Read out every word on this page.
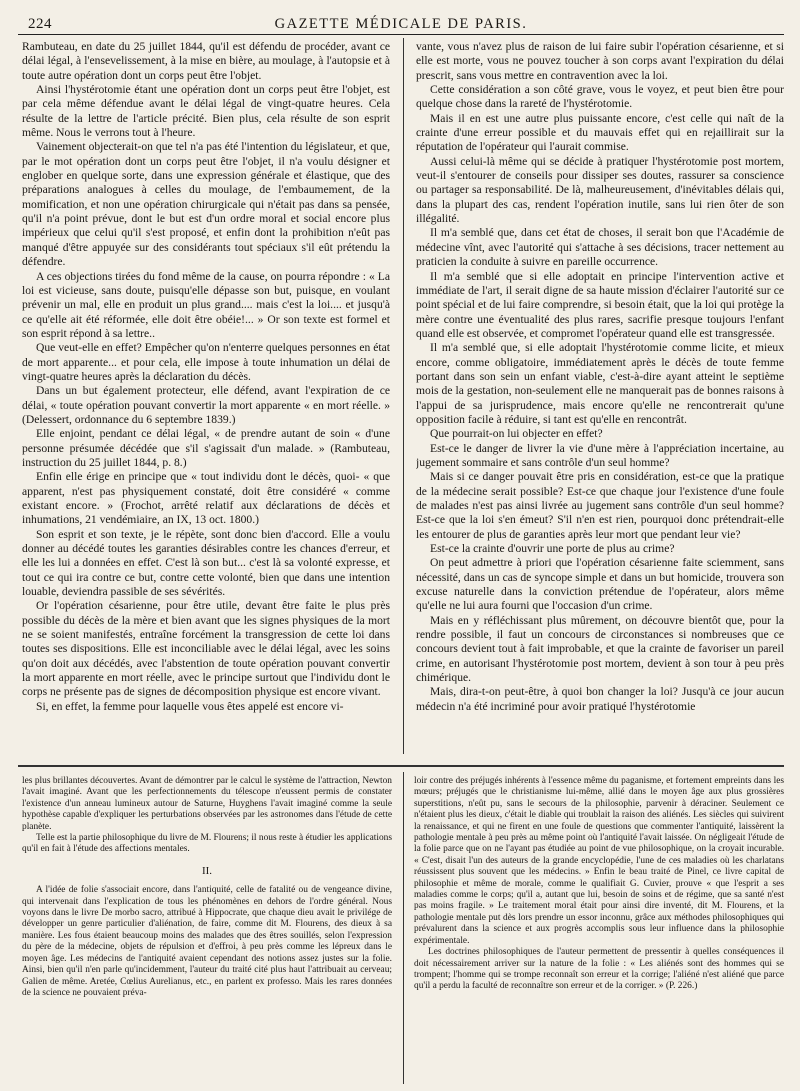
224	GAZETTE MÉDICALE DE PARIS.

Rambuteau, en date du 25 juillet 1844, qu'il est défendu de procéder, avant ce délai légal, à l'ensevelissement, à la mise en bière, au moulage, à l'autopsie et à toute autre opération dont un corps peut être l'objet.

Ainsi l'hystérotomie étant une opération dont un corps peut être l'objet, est par cela même défendue avant le délai légal de vingt-quatre heures. Cela résulte de la lettre de l'article précité. Bien plus, cela résulte de son esprit même. Nous le verrons tout à l'heure.

Vainement objecterait-on que tel n'a pas été l'intention du législateur, et que, par le mot opération dont un corps peut être l'objet, il n'a voulu désigner et englober en quelque sorte, dans une expression générale et élastique, que des préparations analogues à celles du moulage, de l'embaumement, de la momification, et non une opération chirurgicale qui n'était pas dans sa pensée, qu'il n'a point prévue, dont le but est d'un ordre moral et social encore plus impérieux que celui qu'il s'est proposé, et enfin dont la prohibition n'eût pas manqué d'être appuyée sur des considérants tout spéciaux s'il eût prétendu la défendre.

A ces objections tirées du fond même de la cause, on pourra répondre : « La loi est vicieuse, sans doute, puisqu'elle dépasse son but, puisque, en voulant prévenir un mal, elle en produit un plus grand.... mais c'est la loi.... et jusqu'à ce qu'elle ait été réformée, elle doit être obéie!... » Or son texte est formel et son esprit répond à sa lettre..

Que veut-elle en effet? Empêcher qu'on n'enterre quelques personnes en état de mort apparente... et pour cela, elle impose à toute inhumation un délai de vingt-quatre heures après la déclaration du décès.

Dans un but également protecteur, elle défend, avant l'expiration de ce délai, « toute opération pouvant convertir la mort apparente « en mort réelle. » (Delessert, ordonnance du 6 septembre 1839.)

Elle enjoint, pendant ce délai légal, « de prendre autant de soin « d'une personne présumée décédée que s'il s'agissait d'un malade. » (Rambuteau, instruction du 25 juillet 1844, p. 8.)

Enfin elle érige en principe que « tout individu dont le décès, quoi- « que apparent, n'est pas physiquement constaté, doit être considéré « comme existant encore. » (Frochot, arrêté relatif aux déclarations de décès et inhumations, 21 vendémiaire, an IX, 13 oct. 1800.)

Son esprit et son texte, je le répète, sont donc bien d'accord. Elle a voulu donner au décédé toutes les garanties désirables contre les chances d'erreur, et elle les lui a données en effet. C'est là son but... c'est là sa volonté expresse, et tout ce qui ira contre ce but, contre cette volonté, bien que dans une intention louable, deviendra passible de ses sévérités.

Or l'opération césarienne, pour être utile, devant être faite le plus près possible du décès de la mère et bien avant que les signes physiques de la mort ne se soient manifestés, entraîne forcément la transgression de cette loi dans toutes ses dispositions. Elle est inconciliable avec le délai légal, avec les soins qu'on doit aux décédés, avec l'abstention de toute opération pouvant convertir la mort apparente en mort réelle, avec le principe surtout que l'individu dont le corps ne présente pas de signes de décomposition physique est encore vivant.

Si, en effet, la femme pour laquelle vous êtes appelé est encore vi-

vante, vous n'avez plus de raison de lui faire subir l'opération césarienne, et si elle est morte, vous ne pouvez toucher à son corps avant l'expiration du délai prescrit, sans vous mettre en contravention avec la loi.

Cette considération a son côté grave, vous le voyez, et peut bien être pour quelque chose dans la rareté de l'hystérotomie.

Mais il en est une autre plus puissante encore, c'est celle qui naît de la crainte d'une erreur possible et du mauvais effet qui en rejaillirait sur la réputation de l'opérateur qui l'aurait commise.

Aussi celui-là même qui se décide à pratiquer l'hystérotomie post mortem, veut-il s'entourer de conseils pour dissiper ses doutes, rassurer sa conscience ou partager sa responsabilité. De là, malheureusement, d'inévitables délais qui, dans la plupart des cas, rendent l'opération inutile, sans lui rien ôter de son illégalité.

Il m'a semblé que, dans cet état de choses, il serait bon que l'Académie de médecine vînt, avec l'autorité qui s'attache à ses décisions, tracer nettement au praticien la conduite à suivre en pareille occurrence.

Il m'a semblé que si elle adoptait en principe l'intervention active et immédiate de l'art, il serait digne de sa haute mission d'éclairer l'autorité sur ce point spécial et de lui faire comprendre, si besoin était, que la loi qui protège la mère contre une éventualité des plus rares, sacrifie presque toujours l'enfant quand elle est observée, et compromet l'opérateur quand elle est transgressée.

Il m'a semblé que, si elle adoptait l'hystérotomie comme licite, et mieux encore, comme obligatoire, immédiatement après le décès de toute femme portant dans son sein un enfant viable, c'est-à-dire ayant atteint le septième mois de la gestation, non-seulement elle ne manquerait pas de bonnes raisons à l'appui de sa jurisprudence, mais encore qu'elle ne rencontrerait qu'une opposition facile à réduire, si tant est qu'elle en rencontrât.

Que pourrait-on lui objecter en effet?

Est-ce le danger de livrer la vie d'une mère à l'appréciation incertaine, au jugement sommaire et sans contrôle d'un seul homme?

Mais si ce danger pouvait être pris en considération, est-ce que la pratique de la médecine serait possible? Est-ce que chaque jour l'existence d'une foule de malades n'est pas ainsi livrée au jugement sans contrôle d'un seul homme? Est-ce que la loi s'en émeut? S'il n'en est rien, pourquoi donc prétendrait-elle les entourer de plus de garanties après leur mort que pendant leur vie?

Est-ce la crainte d'ouvrir une porte de plus au crime?

On peut admettre à priori que l'opération césarienne faite sciemment, sans nécessité, dans un cas de syncope simple et dans un but homicide, trouvera son excuse naturelle dans la conviction prétendue de l'opérateur, alors même qu'elle ne lui aura fourni que l'occasion d'un crime.

Mais en y réfléchissant plus mûrement, on découvre bientôt que, pour la rendre possible, il faut un concours de circonstances si nombreuses que ce concours devient tout à fait improbable, et que la crainte de favoriser un pareil crime, en autorisant l'hystérotomie post mortem, devient à son tour à peu près chimérique.

Mais, dira-t-on peut-être, à quoi bon changer la loi? Jusqu'à ce jour aucun médecin n'a été incriminé pour avoir pratiqué l'hystérotomie

les plus brillantes découvertes. Avant de démontrer par le calcul le système de l'attraction, Newton l'avait imaginé. Avant que les perfectionnements du télescope n'eussent permis de constater l'existence d'un anneau lumineux autour de Saturne, Huyghens l'avait imaginé comme la seule hypothèse capable d'expliquer les perturbations observées par les astronomes dans l'étude de cette planète.

Telle est la partie philosophique du livre de M. Flourens; il nous reste à étudier les applications qu'il en fait à l'étude des affections mentales.

II.

A l'idée de folie s'associait encore, dans l'antiquité, celle de fatalité ou de vengeance divine, qui intervenait dans l'explication de tous les phénomènes en dehors de l'ordre général. Nous voyons dans le livre De morbo sacro, attribué à Hippocrate, que chaque dieu avait le privilége de développer un genre particulier d'aliénation, de faire, comme dit M. Flourens, des dieux à sa manière. Les fous étaient beaucoup moins des malades que des êtres souillés, selon l'expression du père de la médecine, objets de répulsion et d'effroi, à peu près comme les lépreux dans le moyen âge. Les médecins de l'antiquité avaient cependant des notions assez justes sur la folie. Ainsi, bien qu'il n'en parle qu'incidemment, l'auteur du traité cité plus haut l'attribuait au cerveau; Galien de même. Aretée, Cœlius Aurelianus, etc., en parlent ex professo. Mais les rares données de la science ne pouvaient préva-

loir contre des préjugés inhérents à l'essence même du paganisme, et fortement empreints dans les mœurs; préjugés que le christianisme lui-même, allié dans le moyen âge aux plus grossières superstitions, n'eût pu, sans le secours de la philosophie, parvenir à déraciner. Seulement ce n'étaient plus les dieux, c'était le diable qui troublait la raison des aliénés. Les siècles qui suivirent la renaissance, et qui ne firent en une foule de questions que commenter l'antiquité, laissèrent la pathologie mentale à peu près au même point où l'antiquité l'avait laissée. On négligeait l'étude de la folie parce que on ne l'ayant pas étudiée au point de vue philosophique, on la croyait incurable. « C'est, disait l'un des auteurs de la grande encyclopédie, l'une de ces maladies où les charlatans réussissent plus souvent que les médecins. » Enfin le beau traité de Pinel, ce livre capital de philosophie et même de morale, comme le qualifiait G. Cuvier, prouve « que l'esprit a ses maladies comme le corps; qu'il a, autant que lui, besoin de soins et de régime, que sa santé n'est pas moins fragile. » Le traitement moral était pour ainsi dire inventé, dit M. Flourens, et la pathologie mentale put dès lors prendre un essor inconnu, grâce aux méthodes philosophiques qui prévalurent dans la science et aux progrès accomplis sous leur influence dans la philosophie expérimentale.

Les doctrines philosophiques de l'auteur permettent de pressentir à quelles conséquences il doit nécessairement arriver sur la nature de la folie : « Les aliénés sont des hommes qui se trompent; l'homme qui se trompe reconnaît son erreur et la corrige; l'aliéné n'est aliéné que parce qu'il a perdu la faculté de reconnaître son erreur et de la corriger. » (P. 226.)
